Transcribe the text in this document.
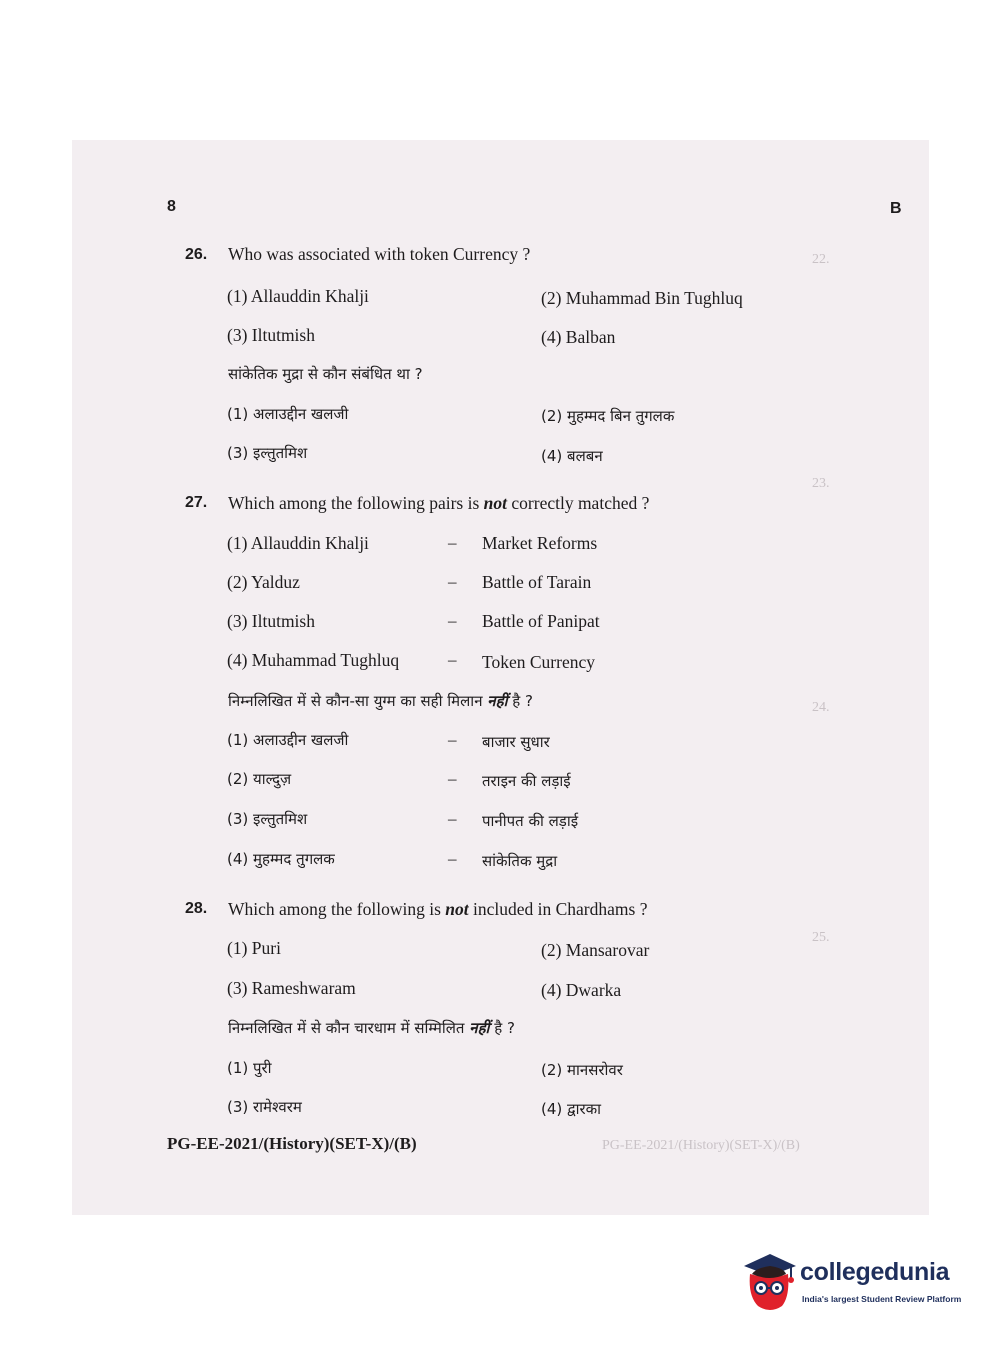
22.
23.
24.
25.
8	B
26. Who was associated with token Currency ?
(1) Allauddin Khalji	(2) Muhammad Bin Tughluq
(3) Iltutmish	(4) Balban
सांकेतिक मुद्रा से कौन संबंधित था ?
(1) अलाउद्दीन खलजी	(2) मुहम्मद बिन तुगलक
(3) इल्तुतमिश	(4) बलबन
27. Which among the following pairs is not correctly matched ?
(1) Allauddin Khalji	– Market Reforms
(2) Yalduz	– Battle of Tarain
(3) Iltutmish	– Battle of Panipat
(4) Muhammad Tughluq	– Token Currency
निम्नलिखित में से कौन-सा युग्म का सही मिलान नहीं है ?
(1) अलाउद्दीन खलजी	– बाजार सुधार
(2) याल्दुज़	– तराइन की लड़ाई
(3) इल्तुतमिश	– पानीपत की लड़ाई
(4) मुहम्मद तुगलक	– सांकेतिक मुद्रा
28. Which among the following is not included in Chardhams ?
(1) Puri	(2) Mansarovar
(3) Rameshwaram	(4) Dwarka
निम्नलिखित में से कौन चारधाम में सम्मिलित नहीं है ?
(1) पुरी	(2) मानसरोवर
(3) रामेश्वरम	(4) द्वारका
PG-EE-2021/(History)(SET-X)/(B)	PG-EE-2021/(History)(SET-X)/(B)
collegedunia
India's largest Student Review Platform
